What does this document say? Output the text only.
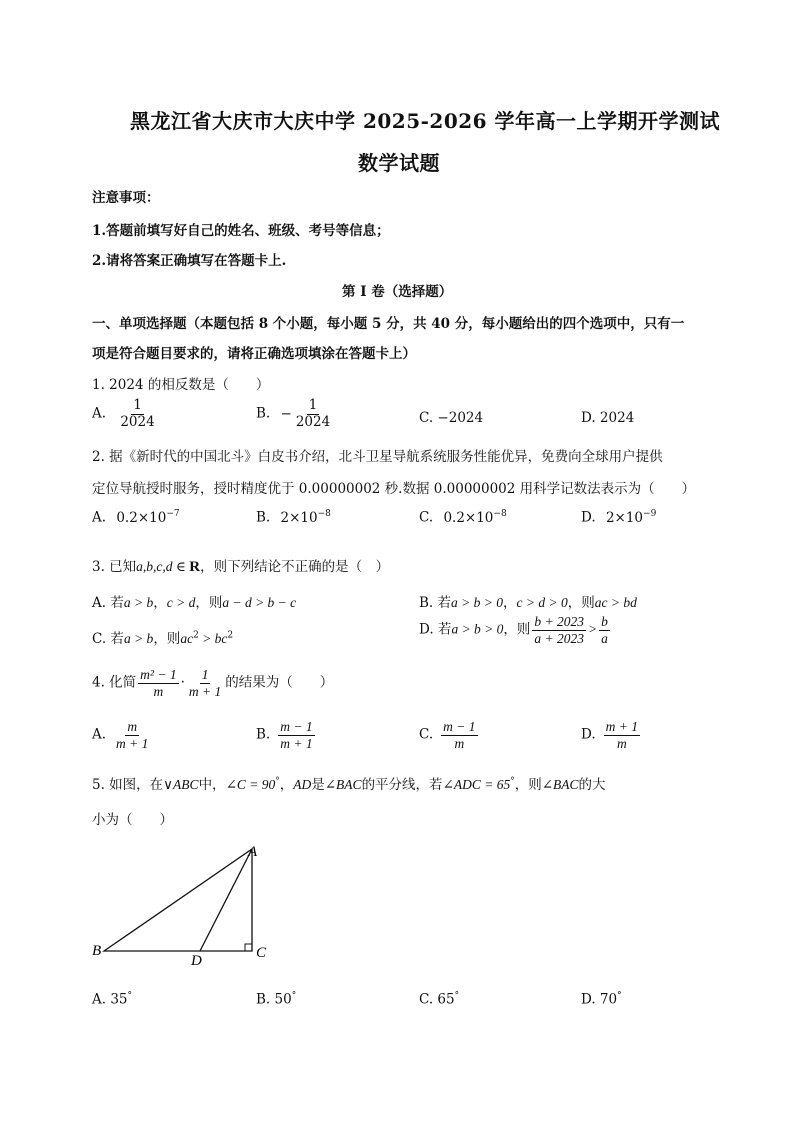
黑龙江省大庆市大庆中学 2025-2026 学年高一上学期开学测试
数学试题
注意事项：
1.答题前填写好自己的姓名、班级、考号等信息；
2.请将答案正确填写在答题卡上.
第 I 卷（选择题）
一、单项选择题（本题包括 8 个小题，每小题 5 分，共 40 分，每小题给出的四个选项中，只有一
项是符合题目要求的，请将正确选项填涂在答题卡上）
1. 2024 的相反数是（　　）
A. $\frac{1}{2024}$	B. − $\frac{1}{2024}$	C. −2024	D. 2024
2. 据《新时代的中国北斗》白皮书介绍，北斗卫星导航系统服务性能优异，免费向全球用户提供
定位导航授时服务，授时精度优于 0.00000002 秒.数据 0.00000002 用科学记数法表示为（　　）
A. $0.2\times 10^{-7}$	B. $2\times 10^{-8}$	C. $0.2\times 10^{-8}$	D. $2\times 10^{-9}$
3. 已知a,b,c,d ∈ R，则下列结论不正确的是（　）
A. 若a > b，c > d，则a − d > b − c	B. 若a > b > 0，c > d > 0，则ac > bd
C. 若a > b，则$ac^2 > bc^2$	D. 若a > b > 0，则 $\frac{b + 2023}{a + 2023} > \frac{b}{a}$
4. 化简 $\frac{\text{m² − 1}}{m} \cdot \frac{1}{m + 1}$ 的结果为（　　）
A. $\frac{m}{m + 1}$	B. $\frac{m - 1}{m + 1}$	C. $\frac{m - 1}{m}$	D. $\frac{m + 1}{m}$
5. 如图，在∨ABC中，∠C = 90°，AD是∠BAC的平分线，若∠ADC = 65°，则∠BAC的大
小为（　　）
A
B	C
D
A. 35°	B. 50°	C. 65°	D. 70°
